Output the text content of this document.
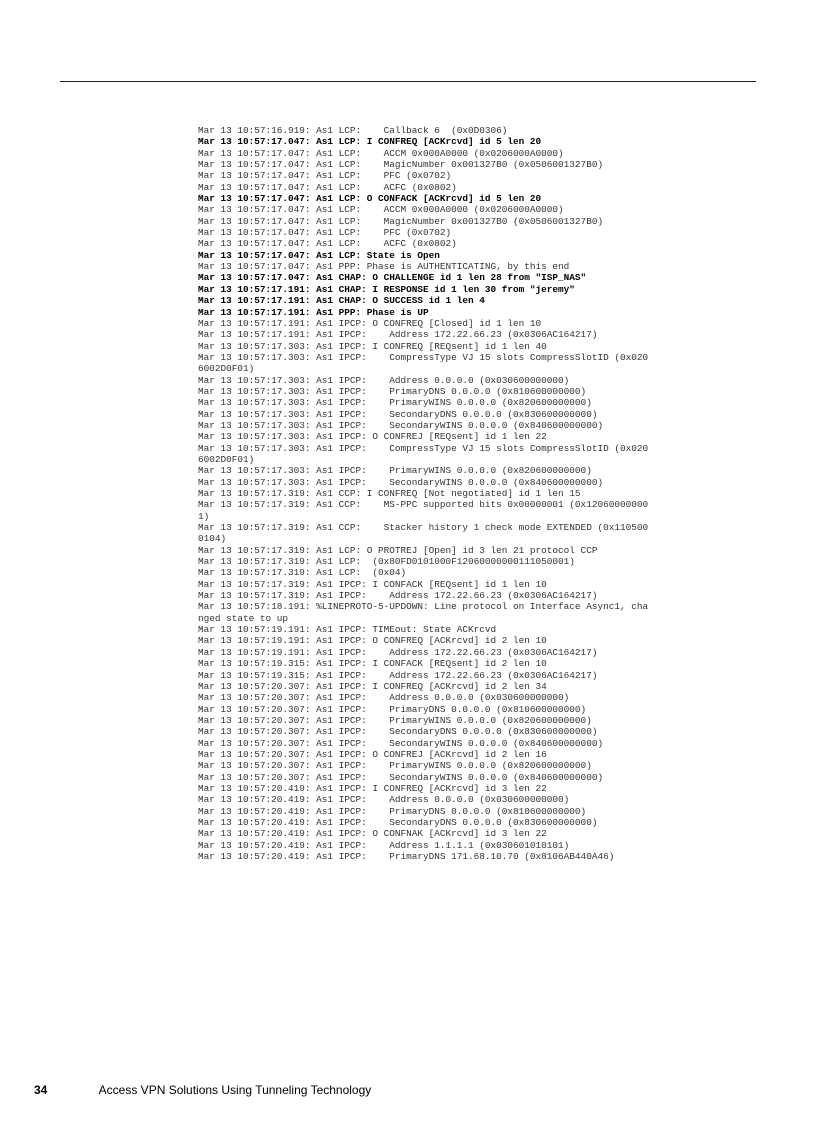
Mar 13 10:57:16.919: As1 LCP:    Callback 6  (0x0D0306)
Mar 13 10:57:17.047: As1 LCP: I CONFREQ [ACKrcvd] id 5 len 20
Mar 13 10:57:17.047: As1 LCP:    ACCM 0x000A0000 (0x0206000A0000)
Mar 13 10:57:17.047: As1 LCP:    MagicNumber 0x001327B0 (0x0506001327B0)
Mar 13 10:57:17.047: As1 LCP:    PFC (0x0702)
Mar 13 10:57:17.047: As1 LCP:    ACFC (0x0802)
Mar 13 10:57:17.047: As1 LCP: O CONFACK [ACKrcvd] id 5 len 20
Mar 13 10:57:17.047: As1 LCP:    ACCM 0x000A0000 (0x0206000A0000)
Mar 13 10:57:17.047: As1 LCP:    MagicNumber 0x001327B0 (0x0506001327B0)
Mar 13 10:57:17.047: As1 LCP:    PFC (0x0702)
Mar 13 10:57:17.047: As1 LCP:    ACFC (0x0802)
Mar 13 10:57:17.047: As1 LCP: State is Open
Mar 13 10:57:17.047: As1 PPP: Phase is AUTHENTICATING, by this end
Mar 13 10:57:17.047: As1 CHAP: O CHALLENGE id 1 len 28 from "ISP_NAS"
Mar 13 10:57:17.191: As1 CHAP: I RESPONSE id 1 len 30 from "jeremy"
Mar 13 10:57:17.191: As1 CHAP: O SUCCESS id 1 len 4
Mar 13 10:57:17.191: As1 PPP: Phase is UP
Mar 13 10:57:17.191: As1 IPCP: O CONFREQ [Closed] id 1 len 10
Mar 13 10:57:17.191: As1 IPCP:    Address 172.22.66.23 (0x0306AC164217)
Mar 13 10:57:17.303: As1 IPCP: I CONFREQ [REQsent] id 1 len 40
Mar 13 10:57:17.303: As1 IPCP:    CompressType VJ 15 slots CompressSlotID (0x020
6002D0F01)
Mar 13 10:57:17.303: As1 IPCP:    Address 0.0.0.0 (0x030600000000)
Mar 13 10:57:17.303: As1 IPCP:    PrimaryDNS 0.0.0.0 (0x810600000000)
Mar 13 10:57:17.303: As1 IPCP:    PrimaryWINS 0.0.0.0 (0x820600000000)
Mar 13 10:57:17.303: As1 IPCP:    SecondaryDNS 0.0.0.0 (0x830600000000)
Mar 13 10:57:17.303: As1 IPCP:    SecondaryWINS 0.0.0.0 (0x840600000000)
Mar 13 10:57:17.303: As1 IPCP: O CONFREJ [REQsent] id 1 len 22
Mar 13 10:57:17.303: As1 IPCP:    CompressType VJ 15 slots CompressSlotID (0x020
6002D0F01)
Mar 13 10:57:17.303: As1 IPCP:    PrimaryWINS 0.0.0.0 (0x820600000000)
Mar 13 10:57:17.303: As1 IPCP:    SecondaryWINS 0.0.0.0 (0x840600000000)
Mar 13 10:57:17.319: As1 CCP: I CONFREQ [Not negotiated] id 1 len 15
Mar 13 10:57:17.319: As1 CCP:    MS-PPC supported bits 0x00000001 (0x12060000000
1)
Mar 13 10:57:17.319: As1 CCP:    Stacker history 1 check mode EXTENDED (0x110500
0104)
Mar 13 10:57:17.319: As1 LCP: O PROTREJ [Open] id 3 len 21 protocol CCP
Mar 13 10:57:17.319: As1 LCP:  (0x80FD0101000F12060000000111050001)
Mar 13 10:57:17.319: As1 LCP:  (0x04)
Mar 13 10:57:17.319: As1 IPCP: I CONFACK [REQsent] id 1 len 10
Mar 13 10:57:17.319: As1 IPCP:    Address 172.22.66.23 (0x0306AC164217)
Mar 13 10:57:18.191: %LINEPROTO-5-UPDOWN: Line protocol on Interface Async1, cha
nged state to up
Mar 13 10:57:19.191: As1 IPCP: TIMEout: State ACKrcvd
Mar 13 10:57:19.191: As1 IPCP: O CONFREQ [ACKrcvd] id 2 len 10
Mar 13 10:57:19.191: As1 IPCP:    Address 172.22.66.23 (0x0306AC164217)
Mar 13 10:57:19.315: As1 IPCP: I CONFACK [REQsent] id 2 len 10
Mar 13 10:57:19.315: As1 IPCP:    Address 172.22.66.23 (0x0306AC164217)
Mar 13 10:57:20.307: As1 IPCP: I CONFREQ [ACKrcvd] id 2 len 34
Mar 13 10:57:20.307: As1 IPCP:    Address 0.0.0.0 (0x030600000000)
Mar 13 10:57:20.307: As1 IPCP:    PrimaryDNS 0.0.0.0 (0x810600000000)
Mar 13 10:57:20.307: As1 IPCP:    PrimaryWINS 0.0.0.0 (0x820600000000)
Mar 13 10:57:20.307: As1 IPCP:    SecondaryDNS 0.0.0.0 (0x830600000000)
Mar 13 10:57:20.307: As1 IPCP:    SecondaryWINS 0.0.0.0 (0x840600000000)
Mar 13 10:57:20.307: As1 IPCP: O CONFREJ [ACKrcvd] id 2 len 16
Mar 13 10:57:20.307: As1 IPCP:    PrimaryWINS 0.0.0.0 (0x820600000000)
Mar 13 10:57:20.307: As1 IPCP:    SecondaryWINS 0.0.0.0 (0x840600000000)
Mar 13 10:57:20.419: As1 IPCP: I CONFREQ [ACKrcvd] id 3 len 22
Mar 13 10:57:20.419: As1 IPCP:    Address 0.0.0.0 (0x030600000000)
Mar 13 10:57:20.419: As1 IPCP:    PrimaryDNS 0.0.0.0 (0x810600000000)
Mar 13 10:57:20.419: As1 IPCP:    SecondaryDNS 0.0.0.0 (0x830600000000)
Mar 13 10:57:20.419: As1 IPCP: O CONFNAK [ACKrcvd] id 3 len 22
Mar 13 10:57:20.419: As1 IPCP:    Address 1.1.1.1 (0x030601010101)
Mar 13 10:57:20.419: As1 IPCP:    PrimaryDNS 171.68.10.70 (0x8106AB440A46)
34	Access VPN Solutions Using Tunneling Technology
